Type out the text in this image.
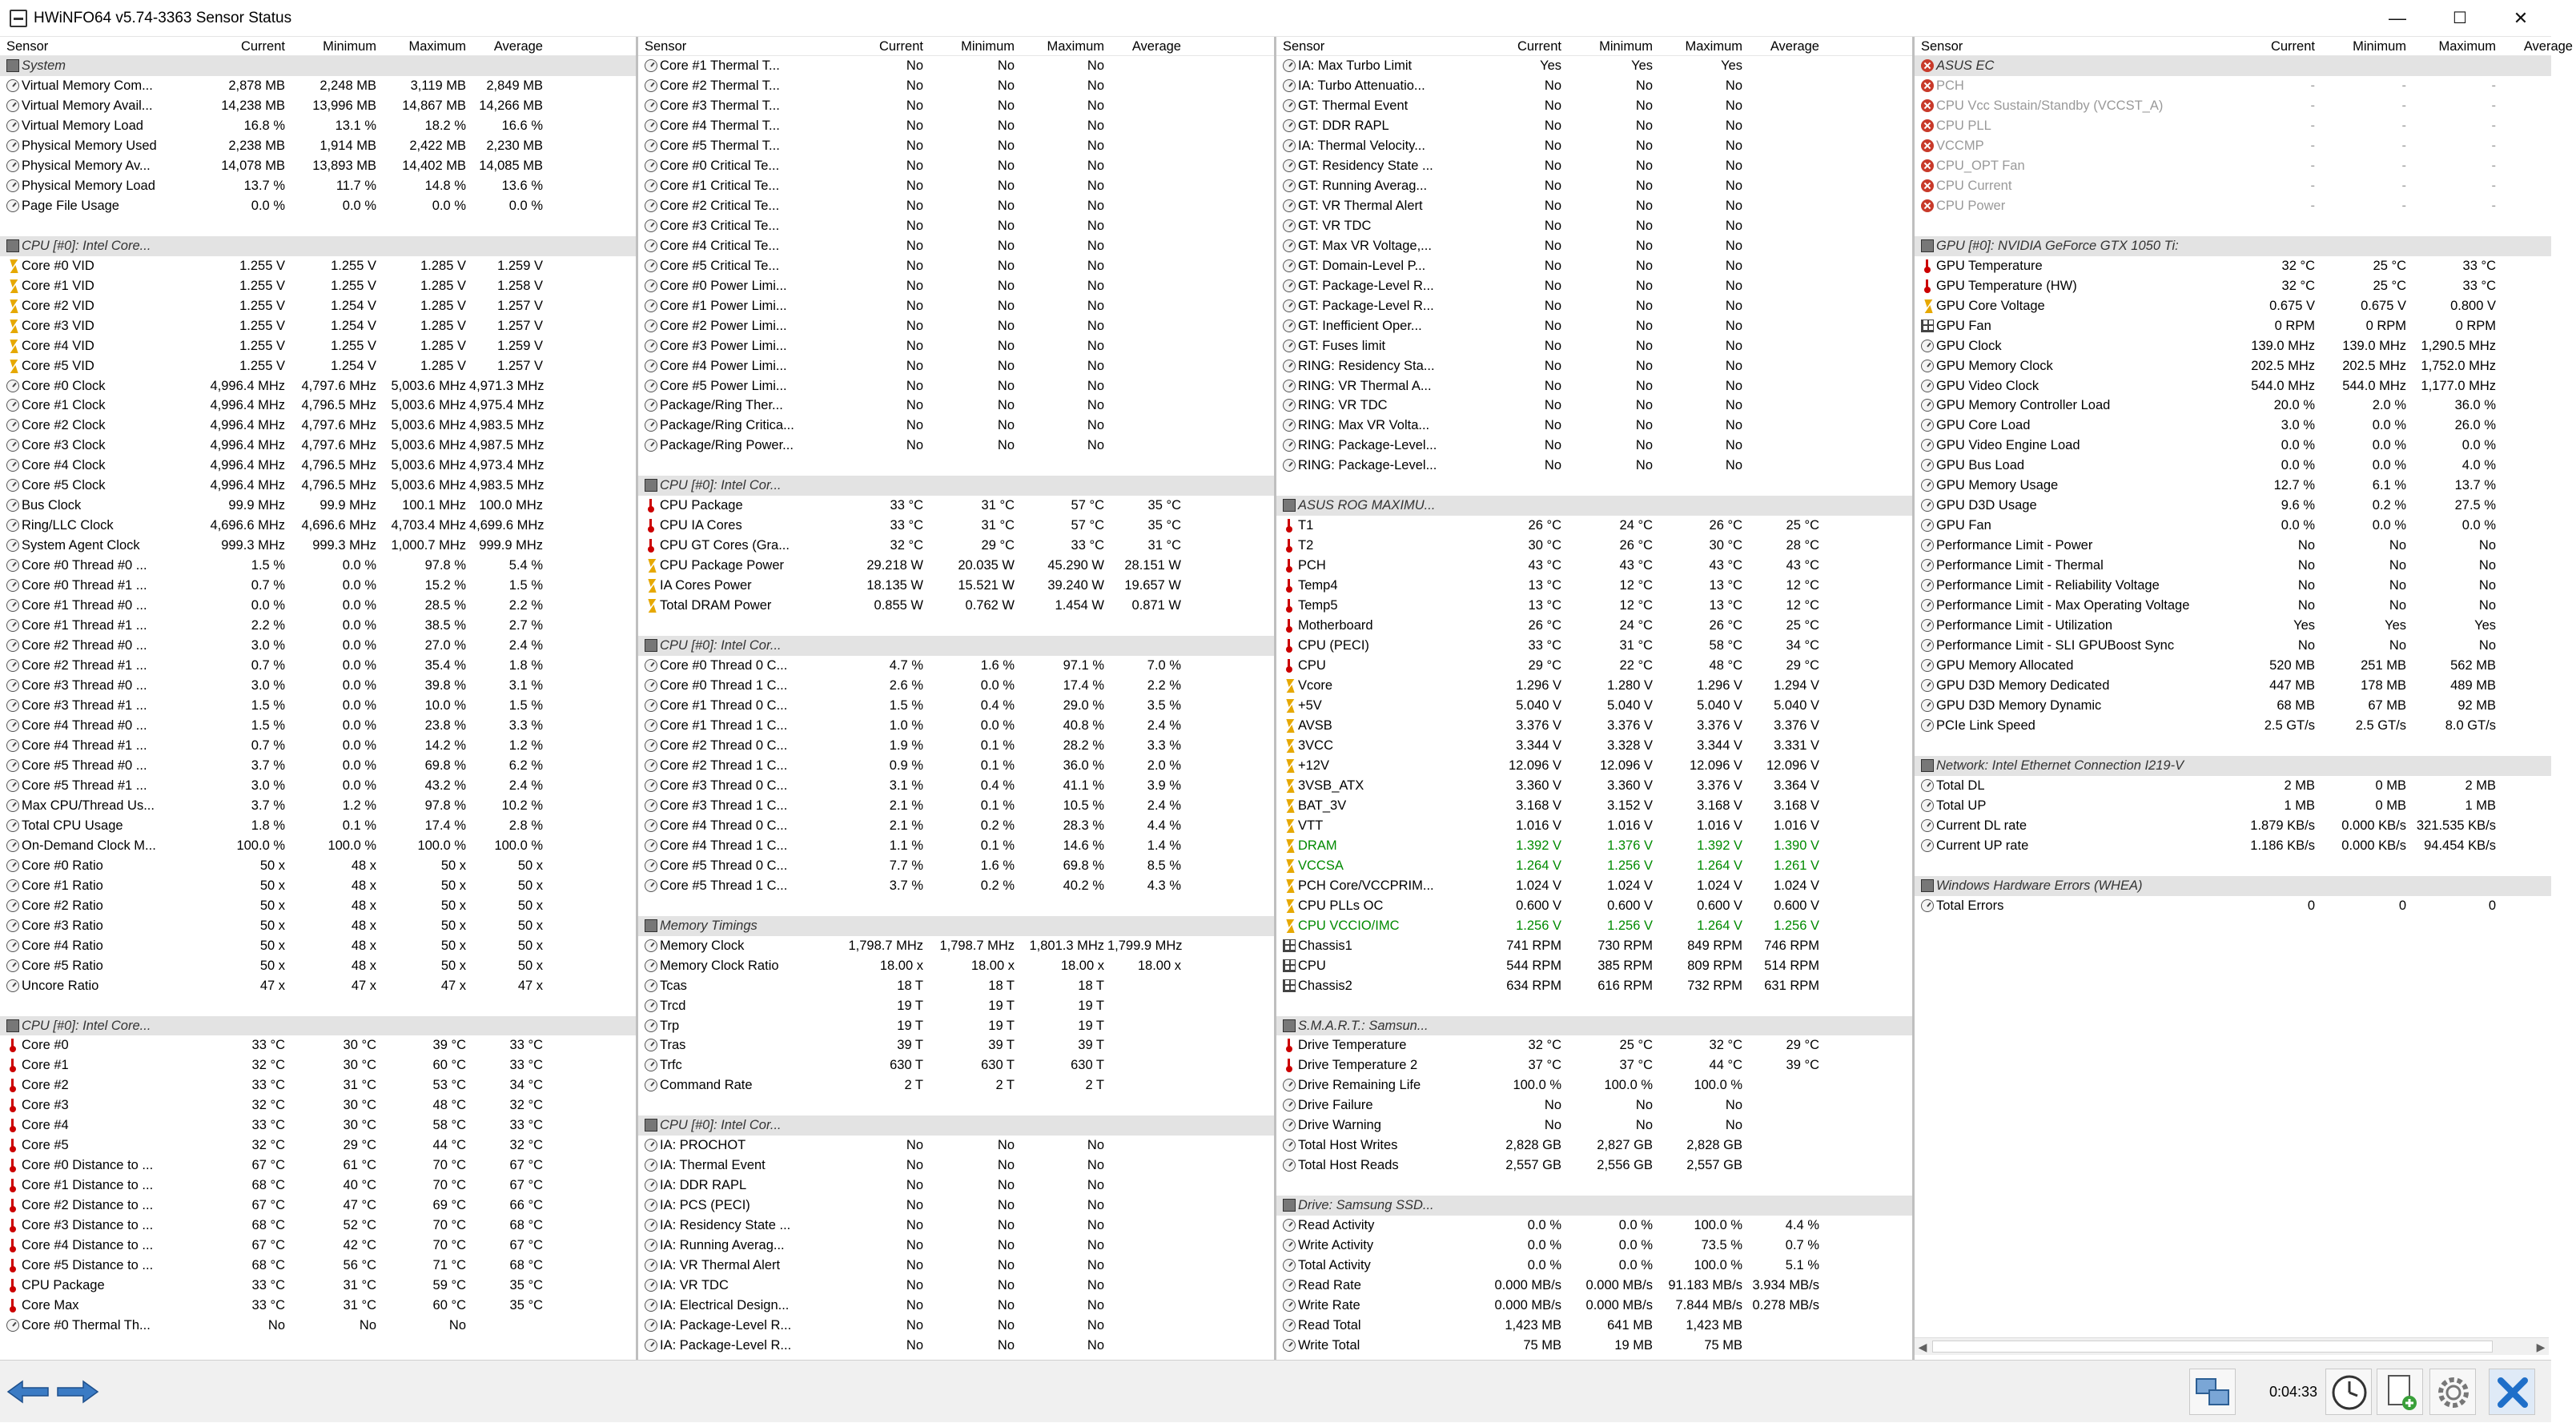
HWiNFO64 v5.74-3363 Sensor Status	—	☐	✕
Sensor	Current	Minimum	Maximum	Average
System
Virtual Memory Com...	2,878 MB	2,248 MB	3,119 MB	2,849 MB
Virtual Memory Avail...	14,238 MB	13,996 MB	14,867 MB 14,266 MB
Virtual Memory Load	16.8 %	13.1 %	18.2 %	16.6 %
Physical Memory Used	2,238 MB	1,914 MB	2,422 MB	2,230 MB
Physical Memory Av...	14,078 MB	13,893 MB	14,402 MB 14,085 MB
Physical Memory Load	13.7 %	11.7 %	14.8 %	13.6 %
Page File Usage	0.0 %	0.0 %	0.0 %	0.0 %
CPU [#0]: Intel Core...
Core #0 VID	1.255 V	1.255 V	1.285 V	1.259 V
Core #1 VID	1.255 V	1.255 V	1.285 V	1.258 V
Core #2 VID	1.255 V	1.254 V	1.285 V	1.257 V
Core #3 VID	1.255 V	1.254 V	1.285 V	1.257 V
Core #4 VID	1.255 V	1.255 V	1.285 V	1.259 V
Core #5 VID	1.255 V	1.254 V	1.285 V	1.257 V
Core #0 Clock	4,996.4 MHz	4,797.6 MHz	5,003.6 MHz 4,971.3 MHz
Core #1 Clock	4,996.4 MHz	4,796.5 MHz	5,003.6 MHz 4,975.4 MHz
Core #2 Clock	4,996.4 MHz	4,797.6 MHz	5,003.6 MHz 4,983.5 MHz
Core #3 Clock	4,996.4 MHz	4,797.6 MHz	5,003.6 MHz 4,987.5 MHz
Core #4 Clock	4,996.4 MHz	4,796.5 MHz	5,003.6 MHz 4,973.4 MHz
Core #5 Clock	4,996.4 MHz	4,796.5 MHz	5,003.6 MHz 4,983.5 MHz
Bus Clock	99.9 MHz	99.9 MHz	100.1 MHz 100.0 MHz
Ring/LLC Clock	4,696.6 MHz	4,696.6 MHz	4,703.4 MHz 4,699.6 MHz
System Agent Clock	999.3 MHz	999.3 MHz	1,000.7 MHz 999.9 MHz
Core #0 Thread #0 ...	1.5 %	0.0 %	97.8 %	5.4 %
Core #0 Thread #1 ...	0.7 %	0.0 %	15.2 %	1.5 %
Core #1 Thread #0 ...	0.0 %	0.0 %	28.5 %	2.2 %
Core #1 Thread #1 ...	2.2 %	0.0 %	38.5 %	2.7 %
Core #2 Thread #0 ...	3.0 %	0.0 %	27.0 %	2.4 %
Core #2 Thread #1 ...	0.7 %	0.0 %	35.4 %	1.8 %
Core #3 Thread #0 ...	3.0 %	0.0 %	39.8 %	3.1 %
Core #3 Thread #1 ...	1.5 %	0.0 %	10.0 %	1.5 %
Core #4 Thread #0 ...	1.5 %	0.0 %	23.8 %	3.3 %
Core #4 Thread #1 ...	0.7 %	0.0 %	14.2 %	1.2 %
Core #5 Thread #0 ...	3.7 %	0.0 %	69.8 %	6.2 %
Core #5 Thread #1 ...	3.0 %	0.0 %	43.2 %	2.4 %
Max CPU/Thread Us...	3.7 %	1.2 %	97.8 %	10.2 %
Total CPU Usage	1.8 %	0.1 %	17.4 %	2.8 %
On-Demand Clock M...	100.0 %	100.0 %	100.0 %	100.0 %
Core #0 Ratio	50 x	48 x	50 x	50 x
Core #1 Ratio	50 x	48 x	50 x	50 x
Core #2 Ratio	50 x	48 x	50 x	50 x
Core #3 Ratio	50 x	48 x	50 x	50 x
Core #4 Ratio	50 x	48 x	50 x	50 x
Core #5 Ratio	50 x	48 x	50 x	50 x
Uncore Ratio	47 x	47 x	47 x	47 x
CPU [#0]: Intel Core...
Core #0	33 °C	30 °C	39 °C	33 °C
Core #1	32 °C	30 °C	60 °C	33 °C
Core #2	33 °C	31 °C	53 °C	34 °C
Core #3	32 °C	30 °C	48 °C	32 °C
Core #4	33 °C	30 °C	58 °C	33 °C
Core #5	32 °C	29 °C	44 °C	32 °C
Core #0 Distance to ...	67 °C	61 °C	70 °C	67 °C
Core #1 Distance to ...	68 °C	40 °C	70 °C	67 °C
Core #2 Distance to ...	67 °C	47 °C	69 °C	66 °C
Core #3 Distance to ...	68 °C	52 °C	70 °C	68 °C
Core #4 Distance to ...	67 °C	42 °C	70 °C	67 °C
Core #5 Distance to ...	68 °C	56 °C	71 °C	68 °C
CPU Package	33 °C	31 °C	59 °C	35 °C
Core Max	33 °C	31 °C	60 °C	35 °C
Core #0 Thermal Th...	No	No	No
Sensor	Current	Minimum	Maximum	Average
Core #1 Thermal T...	No	No	No
Core #2 Thermal T...	No	No	No
Core #3 Thermal T...	No	No	No
Core #4 Thermal T...	No	No	No
Core #5 Thermal T...	No	No	No
Core #0 Critical Te...	No	No	No
Core #1 Critical Te...	No	No	No
Core #2 Critical Te...	No	No	No
Core #3 Critical Te...	No	No	No
Core #4 Critical Te...	No	No	No
Core #5 Critical Te...	No	No	No
Core #0 Power Limi...	No	No	No
Core #1 Power Limi...	No	No	No
Core #2 Power Limi...	No	No	No
Core #3 Power Limi...	No	No	No
Core #4 Power Limi...	No	No	No
Core #5 Power Limi...	No	No	No
Package/Ring Ther...	No	No	No
Package/Ring Critica...	No	No	No
Package/Ring Power...	No	No	No
CPU [#0]: Intel Cor...
CPU Package	33 °C	31 °C	57 °C	35 °C
CPU IA Cores	33 °C	31 °C	57 °C	35 °C
CPU GT Cores (Gra...	32 °C	29 °C	33 °C	31 °C
CPU Package Power	29.218 W	20.035 W	45.290 W	28.151 W
IA Cores Power	18.135 W	15.521 W	39.240 W	19.657 W
Total DRAM Power	0.855 W	0.762 W	1.454 W	0.871 W
CPU [#0]: Intel Cor...
Core #0 Thread 0 C...	4.7 %	1.6 %	97.1 %	7.0 %
Core #0 Thread 1 C...	2.6 %	0.0 %	17.4 %	2.2 %
Core #1 Thread 0 C...	1.5 %	0.4 %	29.0 %	3.5 %
Core #1 Thread 1 C...	1.0 %	0.0 %	40.8 %	2.4 %
Core #2 Thread 0 C...	1.9 %	0.1 %	28.2 %	3.3 %
Core #2 Thread 1 C...	0.9 %	0.1 %	36.0 %	2.0 %
Core #3 Thread 0 C...	3.1 %	0.4 %	41.1 %	3.9 %
Core #3 Thread 1 C...	2.1 %	0.1 %	10.5 %	2.4 %
Core #4 Thread 0 C...	2.1 %	0.2 %	28.3 %	4.4 %
Core #4 Thread 1 C...	1.1 %	0.1 %	14.6 %	1.4 %
Core #5 Thread 0 C...	7.7 %	1.6 %	69.8 %	8.5 %
Core #5 Thread 1 C...	3.7 %	0.2 %	40.2 %	4.3 %
Memory Timings
Memory Clock	1,798.7 MHz	1,798.7 MHz	1,801.3 MHz 1,799.9 MHz
Memory Clock Ratio	18.00 x	18.00 x	18.00 x	18.00 x
Tcas	18 T	18 T	18 T
Trcd	19 T	19 T	19 T
Trp	19 T	19 T	19 T
Tras	39 T	39 T	39 T
Trfc	630 T	630 T	630 T
Command Rate	2 T	2 T	2 T
CPU [#0]: Intel Cor...
IA: PROCHOT	No	No	No
IA: Thermal Event	No	No	No
IA: DDR RAPL	No	No	No
IA: PCS (PECI)	No	No	No
IA: Residency State ...	No	No	No
IA: Running Averag...	No	No	No
IA: VR Thermal Alert	No	No	No
IA: VR TDC	No	No	No
IA: Electrical Design...	No	No	No
IA: Package-Level R...	No	No	No
IA: Package-Level R...	No	No	No
Sensor	Current	Minimum	Maximum	Average
IA: Max Turbo Limit	Yes	Yes	Yes
IA: Turbo Attenuatio...	No	No	No
GT: Thermal Event	No	No	No
GT: DDR RAPL	No	No	No
IA: Thermal Velocity...	No	No	No
GT: Residency State ...	No	No	No
GT: Running Averag...	No	No	No
GT: VR Thermal Alert	No	No	No
GT: VR TDC	No	No	No
GT: Max VR Voltage,...	No	No	No
GT: Domain-Level P...	No	No	No
GT: Package-Level R...	No	No	No
GT: Package-Level R...	No	No	No
GT: Inefficient Oper...	No	No	No
GT: Fuses limit	No	No	No
RING: Residency Sta...	No	No	No
RING: VR Thermal A...	No	No	No
RING: VR TDC	No	No	No
RING: Max VR Volta...	No	No	No
RING: Package-Level...	No	No	No
RING: Package-Level...	No	No	No
ASUS ROG MAXIMU...
T1	26 °C	24 °C	26 °C	25 °C
T2	30 °C	26 °C	30 °C	28 °C
PCH	43 °C	43 °C	43 °C	43 °C
Temp4	13 °C	12 °C	13 °C	12 °C
Temp5	13 °C	12 °C	13 °C	12 °C
Motherboard	26 °C	24 °C	26 °C	25 °C
CPU (PECI)	33 °C	31 °C	58 °C	34 °C
CPU	29 °C	22 °C	48 °C	29 °C
Vcore	1.296 V	1.280 V	1.296 V	1.294 V
+5V	5.040 V	5.040 V	5.040 V	5.040 V
AVSB	3.376 V	3.376 V	3.376 V	3.376 V
3VCC	3.344 V	3.328 V	3.344 V	3.331 V
+12V	12.096 V	12.096 V	12.096 V	12.096 V
3VSB_ATX	3.360 V	3.360 V	3.376 V	3.364 V
BAT_3V	3.168 V	3.152 V	3.168 V	3.168 V
VTT	1.016 V	1.016 V	1.016 V	1.016 V
DRAM	1.392 V	1.376 V	1.392 V	1.390 V
VCCSA	1.264 V	1.256 V	1.264 V	1.261 V
PCH Core/VCCPRIM...	1.024 V	1.024 V	1.024 V	1.024 V
CPU PLLs OC	0.600 V	0.600 V	0.600 V	0.600 V
CPU VCCIO/IMC	1.256 V	1.256 V	1.264 V	1.256 V
Chassis1	741 RPM	730 RPM	849 RPM	746 RPM
CPU	544 RPM	385 RPM	809 RPM	514 RPM
Chassis2	634 RPM	616 RPM	732 RPM	631 RPM
S.M.A.R.T.: Samsun...
Drive Temperature	32 °C	25 °C	32 °C	29 °C
Drive Temperature 2	37 °C	37 °C	44 °C	39 °C
Drive Remaining Life	100.0 %	100.0 %	100.0 %
Drive Failure	No	No	No
Drive Warning	No	No	No
Total Host Writes	2,828 GB	2,827 GB	2,828 GB
Total Host Reads	2,557 GB	2,556 GB	2,557 GB
Drive: Samsung SSD...
Read Activity	0.0 %	0.0 %	100.0 %	4.4 %
Write Activity	0.0 %	0.0 %	73.5 %	0.7 %
Total Activity	0.0 %	0.0 %	100.0 %	5.1 %
Read Rate	0.000 MB/s	0.000 MB/s	91.183 MB/s 3.934 MB/s
Write Rate	0.000 MB/s	0.000 MB/s	7.844 MB/s 0.278 MB/s
Read Total	1,423 MB	641 MB	1,423 MB
Write Total	75 MB	19 MB	75 MB
Sensor	Current	Minimum	Maximum	Average
ASUS EC
PCH	-	-	-
CPU Vcc Sustain/Standby (VCCST_A)	-	-	-
CPU PLL	-	-	-
VCCMP	-	-	-
CPU_OPT Fan	-	-	-
CPU Current	-	-	-
CPU Power	-	-	-
GPU [#0]: NVIDIA GeForce GTX 1050 Ti:
GPU Temperature	32 °C	25 °C	33 °C
GPU Temperature (HW)	32 °C	25 °C	33 °C
GPU Core Voltage	0.675 V	0.675 V	0.800 V
GPU Fan	0 RPM	0 RPM	0 RPM
GPU Clock	139.0 MHz	139.0 MHz	1,290.5 MHz
GPU Memory Clock	202.5 MHz	202.5 MHz	1,752.0 MHz
GPU Video Clock	544.0 MHz	544.0 MHz	1,177.0 MHz
GPU Memory Controller Load	20.0 %	2.0 %	36.0 %
GPU Core Load	3.0 %	0.0 %	26.0 %
GPU Video Engine Load	0.0 %	0.0 %	0.0 %
GPU Bus Load	0.0 %	0.0 %	4.0 %
GPU Memory Usage	12.7 %	6.1 %	13.7 %
GPU D3D Usage	9.6 %	0.2 %	27.5 %
GPU Fan	0.0 %	0.0 %	0.0 %
Performance Limit - Power	No	No	No
Performance Limit - Thermal	No	No	No
Performance Limit - Reliability Voltage	No	No	No
Performance Limit - Max Operating Voltage	No	No	No
Performance Limit - Utilization	Yes	Yes	Yes
Performance Limit - SLI GPUBoost Sync	No	No	No
GPU Memory Allocated	520 MB	251 MB	562 MB
GPU D3D Memory Dedicated	447 MB	178 MB	489 MB
GPU D3D Memory Dynamic	68 MB	67 MB	92 MB
PCIe Link Speed	2.5 GT/s	2.5 GT/s	8.0 GT/s
Network: Intel Ethernet Connection I219-V
Total DL	2 MB	0 MB	2 MB
Total UP	1 MB	0 MB	1 MB
Current DL rate	1.879 KB/s	0.000 KB/s 321.535 KB/s
Current UP rate	1.186 KB/s	0.000 KB/s	94.454 KB/s
Windows Hardware Errors (WHEA)
Total Errors	0	0	0
◀	▶
0:04:33
